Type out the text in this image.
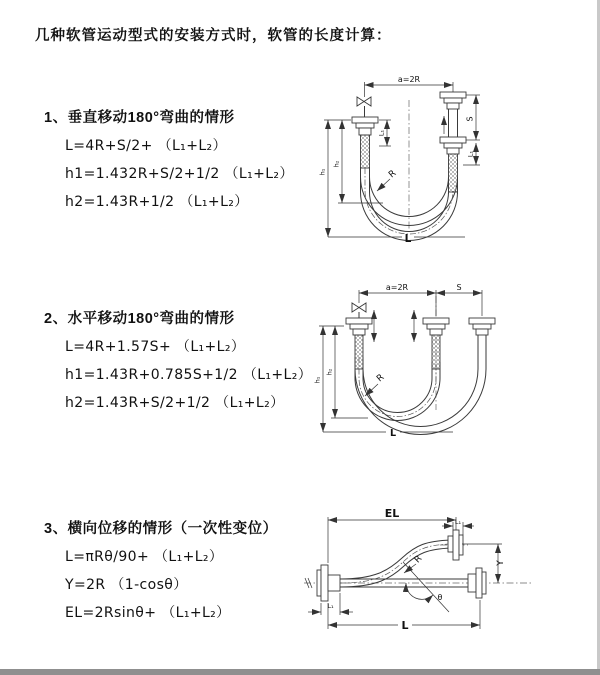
几种软管运动型式的安装方式时，软管的长度计算：
1、垂直移动180°弯曲的情形
L=4R+S/2+ （L₁+L₂）
h1=1.432R+S/2+1/2 （L₁+L₂）
h2=1.43R+1/2 （L₁+L₂）
a=2R
S
L₁
L₁
h₁
h₂
R
L
2、水平移动180°弯曲的情形
L=4R+1.57S+ （L₁+L₂）
h1=1.43R+0.785S+1/2 （L₁+L₂）
h2=1.43R+S/2+1/2 （L₁+L₂）
a=2R	S
h₁
h₂
R
L
3、横向位移的情形（一次性变位）
L=πRθ/90+ （L₁+L₂）
Y=2R （1-cosθ）
EL=2Rsinθ+ （L₁+L₂）
EL
L₁
Y
R
θ
L₁
L
